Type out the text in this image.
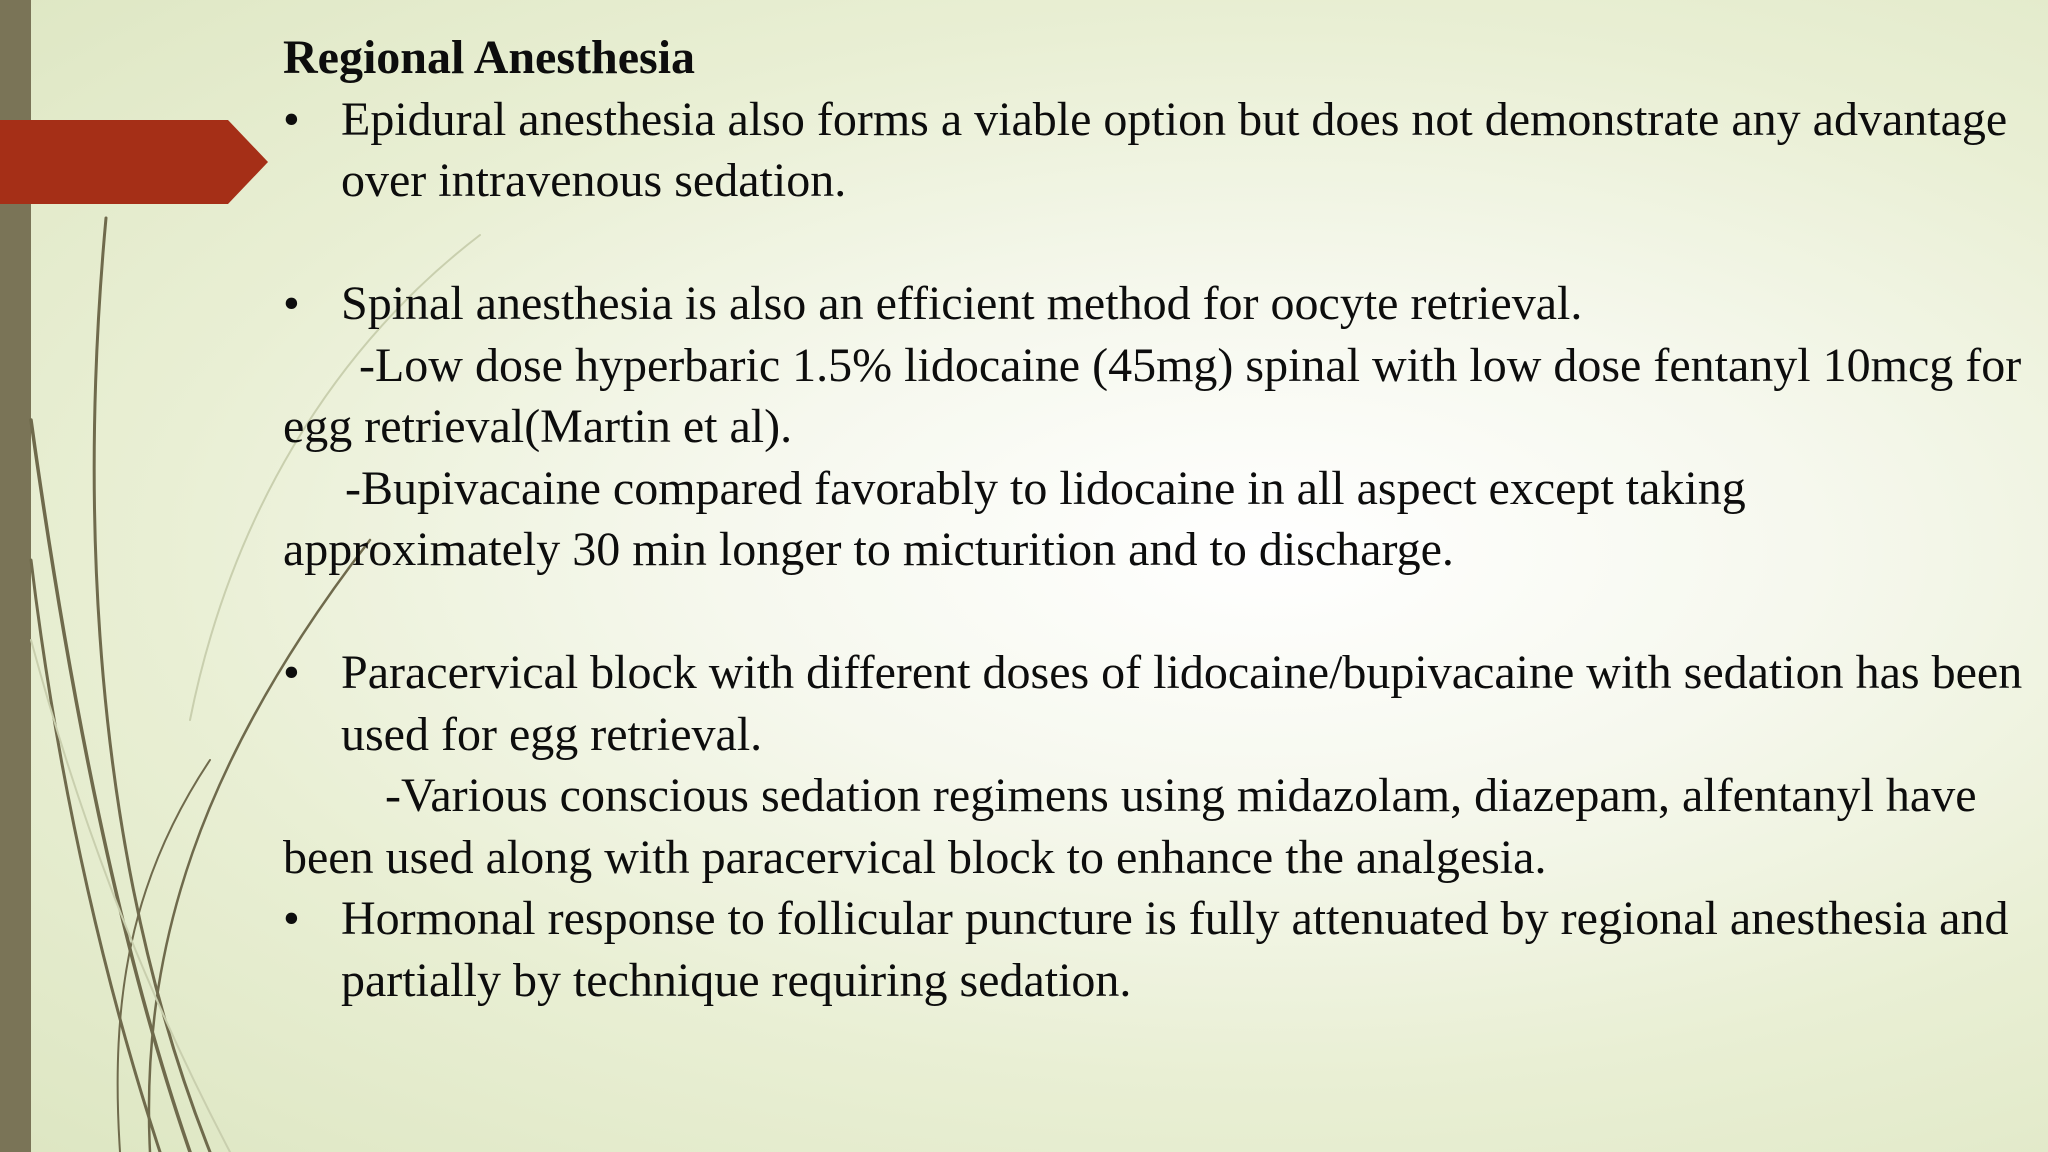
Regional Anesthesia

• Epidural anesthesia also forms a viable option but does not demonstrate any advantage over intravenous sedation.

• Spinal anesthesia is also an efficient method for oocyte retrieval.

-Low dose hyperbaric 1.5% lidocaine (45mg) spinal with low dose fentanyl 10mcg for egg retrieval(Martin et al).

-Bupivacaine compared favorably to lidocaine in all aspect except taking approximately 30 min longer to micturition and to discharge.

• Paracervical block with different doses of lidocaine/bupivacaine with sedation has been used for egg retrieval.

-Various conscious sedation regimens using midazolam, diazepam, alfentanyl have been used along with paracervical block to enhance the analgesia.

• Hormonal response to follicular puncture is fully attenuated by regional anesthesia and partially by technique requiring sedation.
